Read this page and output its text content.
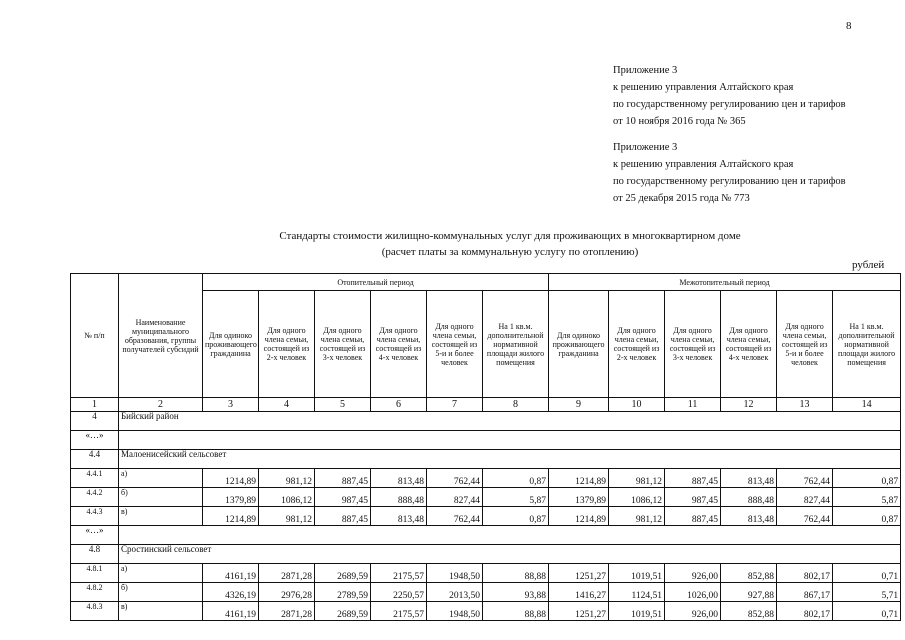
8
Приложение 3
к решению управления Алтайского края
по государственному регулированию цен и тарифов
от 10 ноября 2016 года № 365
Приложение 3
к решению управления Алтайского края
по государственному регулированию цен и тарифов
от 25 декабря 2015 года № 773
Стандарты стоимости жилищно-коммунальных услуг для проживающих в многоквартирном доме
(расчет платы за коммунальную услугу по отоплению)
рублей
№ п/п	Наименование муниципального образования, группы получателей субсидий	Отопительный период						Межотопительный период					
		Для одиноко проживающего гражданина	Для одного члена семьи, состоящей из 2-х человек	Для одного члена семьи, состоящей из 3-х человек	Для одного члена семьи, состоящей из 4-х человек	Для одного члена семьи, состоящей из 5-и и более человек	На 1 кв.м. дополнительной нормативной площади жилого помещения	Для одиноко проживающего гражданина	Для одного члена семьи, состоящей из 2-х человек	Для одного члена семьи, состоящей из 3-х человек	Для одного члена семьи, состоящей из 4-х человек	Для одного члена семьи, состоящей из 5-и и более человек	На 1 кв.м. дополнительной нормативной площади жилого помещения
1	2	3	4	5	6	7	8	9	10	11	12	13	14
4	Бийский район												
«…»													
4.4	Малоенисейский сельсовет												
4.4.1	а)	1214,89	981,12	887,45	813,48	762,44	0,87	1214,89	981,12	887,45	813,48	762,44	0,87
4.4.2	б)	1379,89	1086,12	987,45	888,48	827,44	5,87	1379,89	1086,12	987,45	888,48	827,44	5,87
4.4.3	в)	1214,89	981,12	887,45	813,48	762,44	0,87	1214,89	981,12	887,45	813,48	762,44	0,87
«…»													
4.8	Сростинский сельсовет												
4.8.1	а)	4161,19	2871,28	2689,59	2175,57	1948,50	88,88	1251,27	1019,51	926,00	852,88	802,17	0,71
4.8.2	б)	4326,19	2976,28	2789,59	2250,57	2013,50	93,88	1416,27	1124,51	1026,00	927,88	867,17	5,71
4.8.3	в)	4161,19	2871,28	2689,59	2175,57	1948,50	88,88	1251,27	1019,51	926,00	852,88	802,17	0,71
